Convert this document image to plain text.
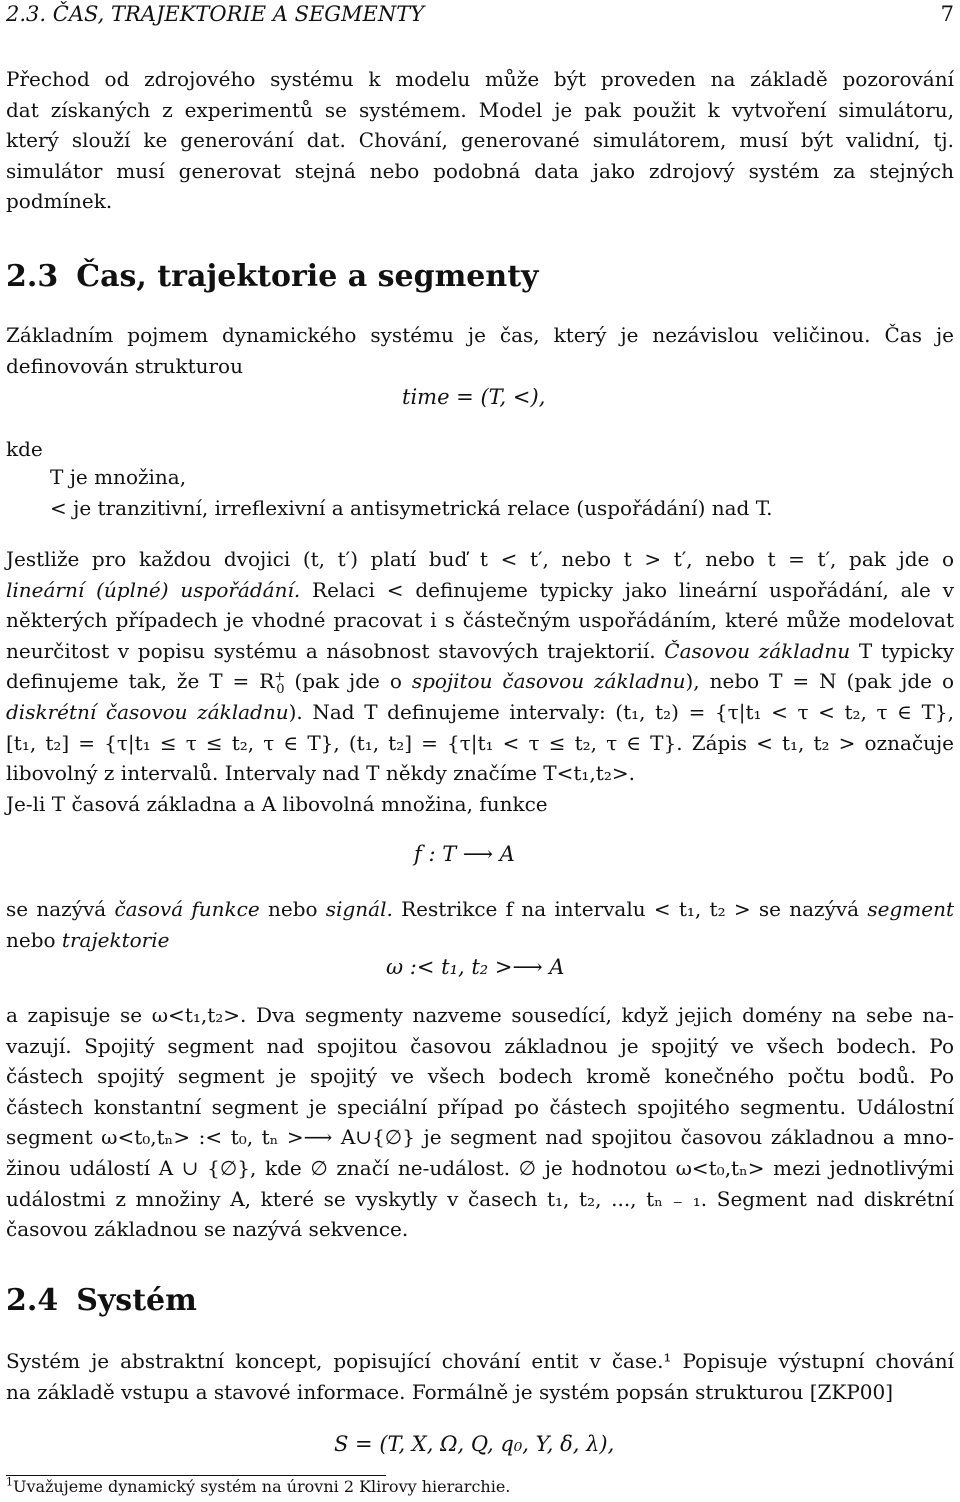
2.3. ČAS, TRAJEKTORIE A SEGMENTY	7
Přechod od zdrojového systému k modelu může být proveden na základě pozorování
dat získaných z experimentů se systémem. Model je pak použit k vytvoření simulátoru,
který slouží ke generování dat. Chování, generované simulátorem, musí být validní, tj.
simulátor musí generovat stejná nebo podobná data jako zdrojový systém za stejných
podmínek.
2.3 Čas, trajektorie a segmenty
Základním pojmem dynamického systému je čas, který je nezávislou veličinou. Čas je
definovován strukturou
time = (T, <),
kde
T je množina,
< je tranzitivní, irreflexivní a antisymetrická relace (uspořádání) nad T.
Jestliže pro každou dvojici (t, t′) platí buď t < t′, nebo t > t′, nebo t = t′, pak jde o
lineární (úplné) uspořádání. Relaci < definujeme typicky jako lineární uspořádání, ale v
některých případech je vhodné pracovat i s částečným uspořádáním, které může modelovat
neurčitost v popisu systému a násobnost stavových trajektorií. Časovou základnu T typicky
definujeme tak, že $T = R^+_0$ (pak jde o spojitou časovou základnu), nebo T = N (pak jde o
diskrétní časovou základnu). Nad T definujeme intervaly: (t₁, t₂) = {τ|t₁ < τ < t₂, τ ∈ T},
[t₁, t₂] = {τ|t₁ ≤ τ ≤ t₂, τ ∈ T}, (t₁, t₂] = {τ|t₁ < τ ≤ t₂, τ ∈ T}. Zápis < t₁, t₂ > označuje
libovolný z intervalů. Intervaly nad T někdy značíme T<t₁,t₂>.
Je-li T časová základna a A libovolná množina, funkce
f : T ⟶ A
se nazývá časová funkce nebo signál. Restrikce f na intervalu < t₁, t₂ > se nazývá segment
nebo trajektorie
ω :< t₁, t₂ >⟶ A
a zapisuje se ω<t₁,t₂>. Dva segmenty nazveme sousedící, když jejich domény na sebe na-
vazují. Spojitý segment nad spojitou časovou základnou je spojitý ve všech bodech. Po
částech spojitý segment je spojitý ve všech bodech kromě konečného počtu bodů. Po
částech konstantní segment je speciální případ po částech spojitého segmentu. Událostní
segment ω<t₀,tₙ> :< t₀, tₙ >⟶ A∪{∅} je segment nad spojitou časovou základnou a mno-
žinou událostí A ∪ {∅}, kde ∅ značí ne-událost. ∅ je hodnotou ω<t₀,tₙ> mezi jednotlivými
událostmi z množiny A, které se vyskytly v časech t₁, t₂, ..., tₙ ₋ ₁. Segment nad diskrétní
časovou základnou se nazývá sekvence.
2.4 Systém
Systém je abstraktní koncept, popisující chování entit v čase.¹ Popisuje výstupní chování
na základě vstupu a stavové informace. Formálně je systém popsán strukturou [ZKP00]
S = (T, X, Ω, Q, q₀, Y, δ, λ),
$^1$Uvažujeme dynamický systém na úrovni 2 Klirovy hierarchie.
